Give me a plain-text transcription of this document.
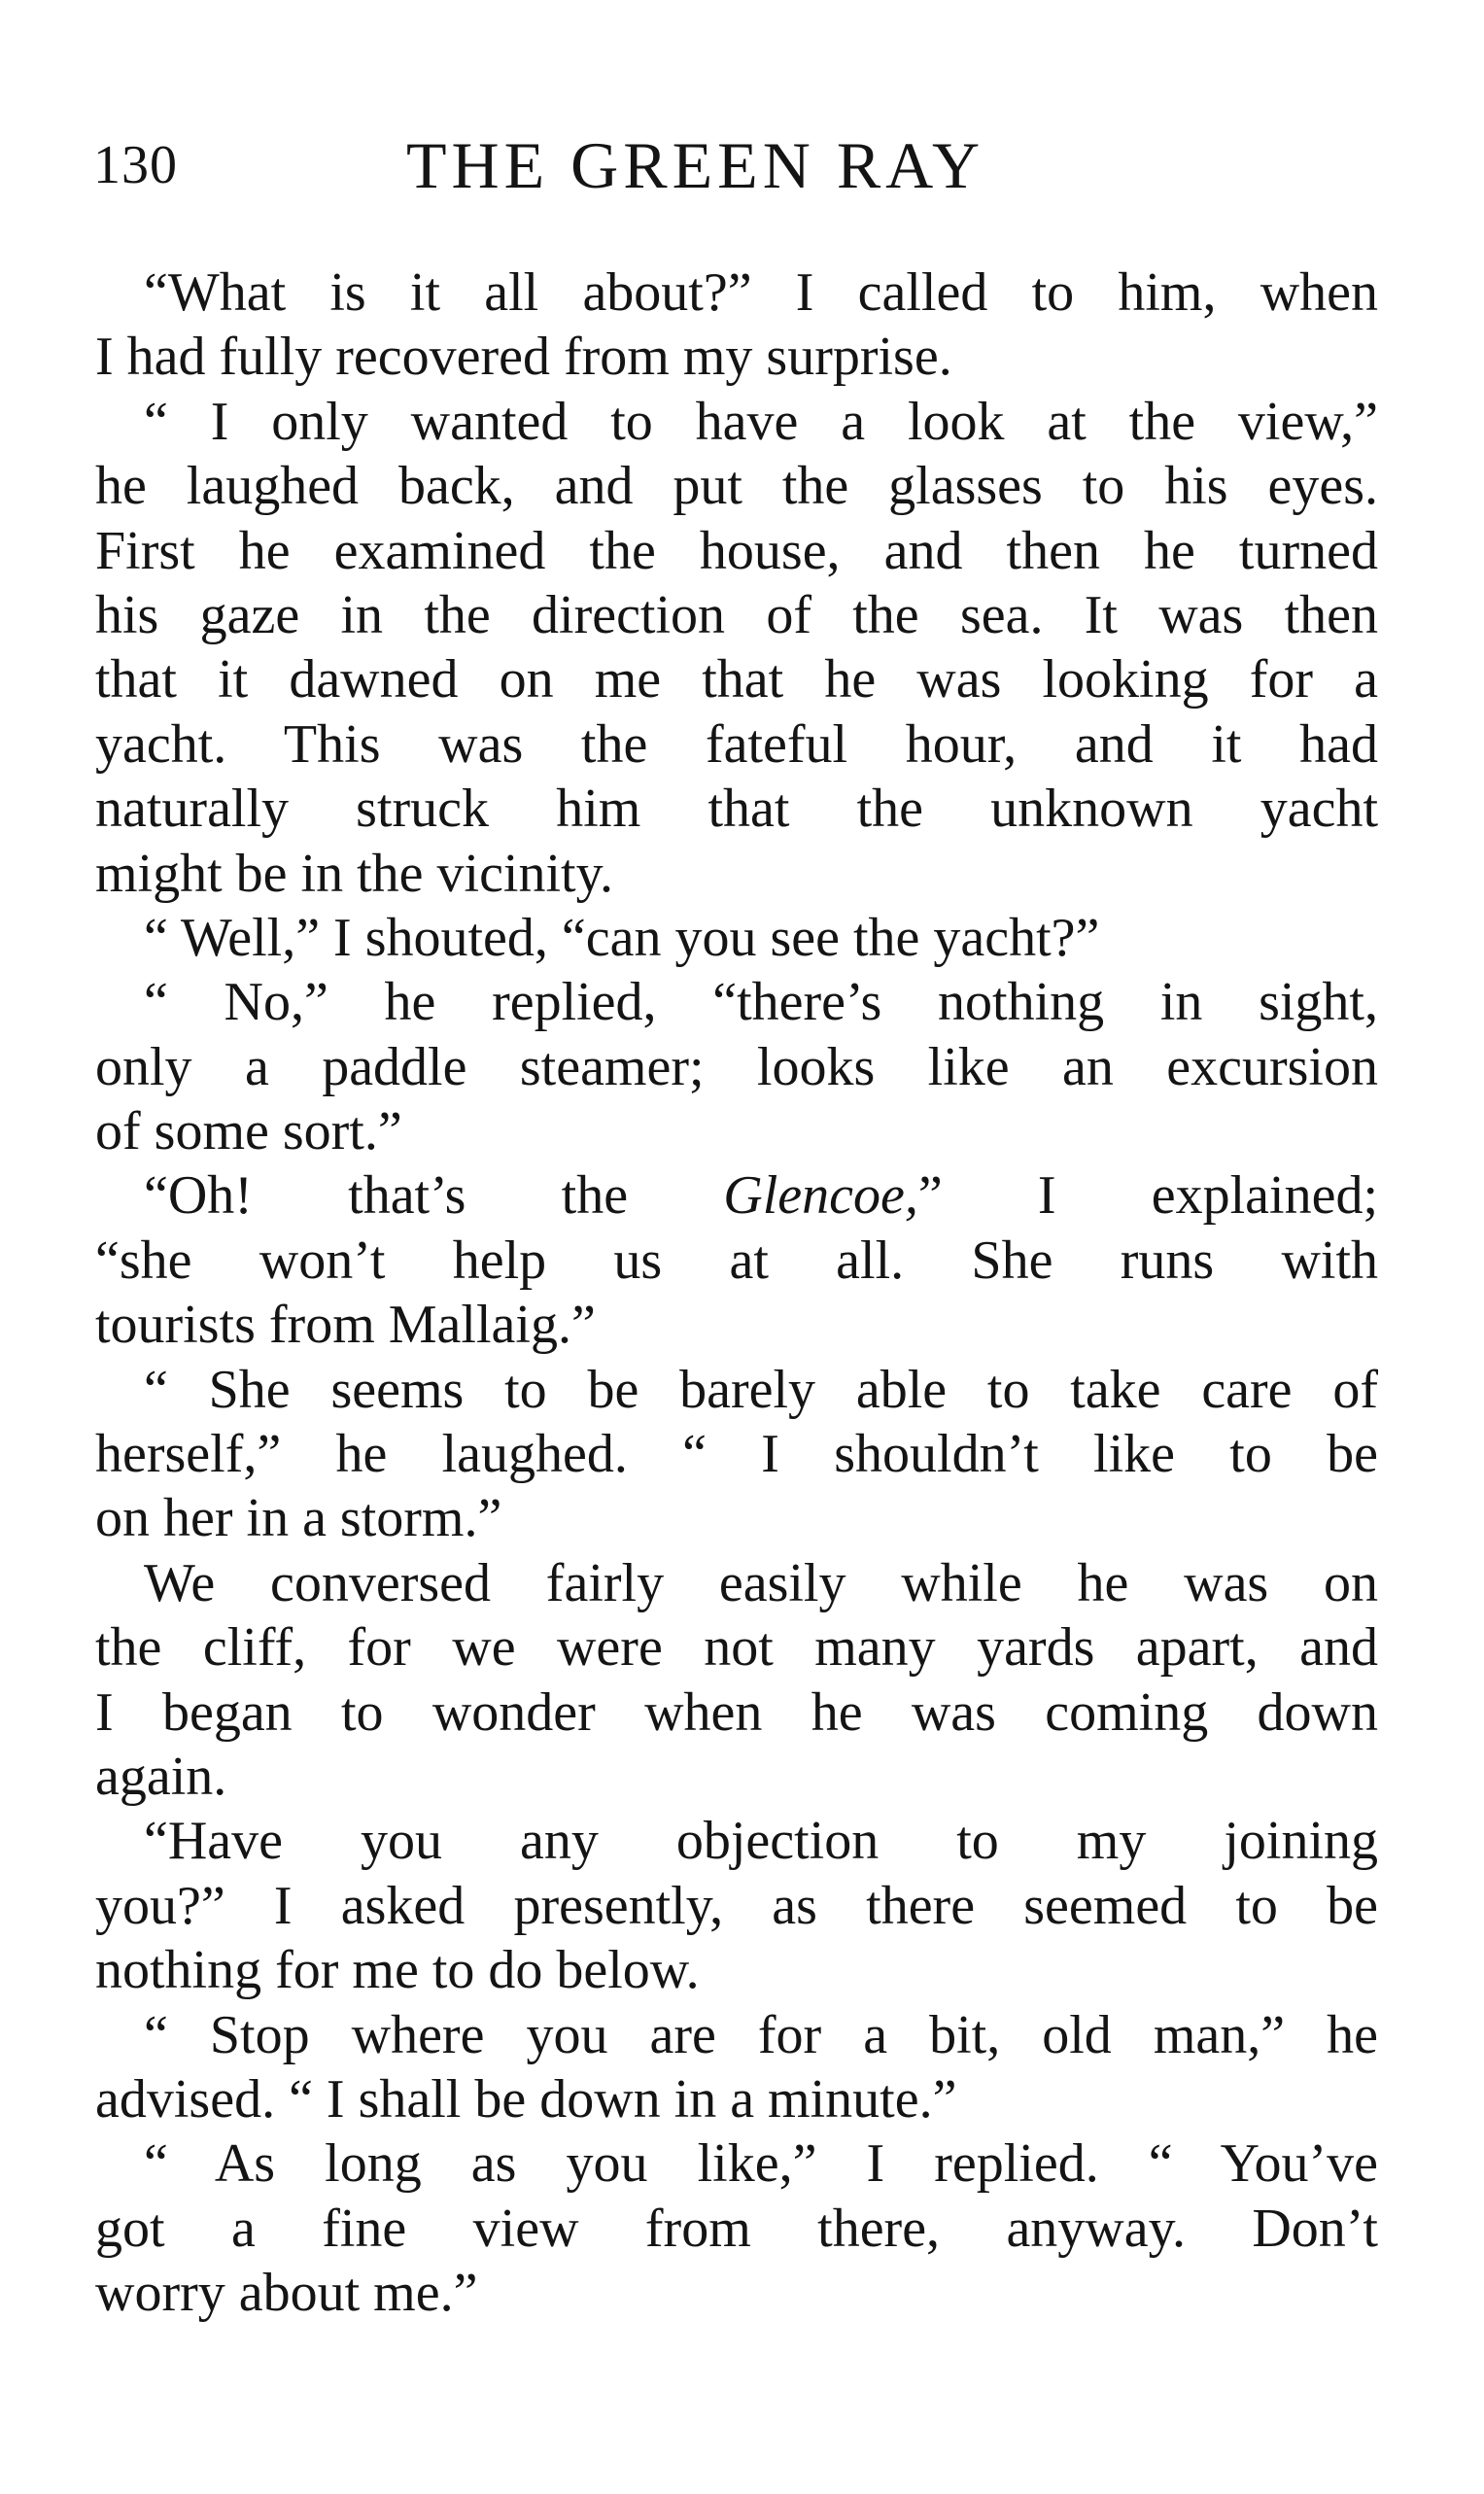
130	THE GREEN RAY
“What is it all about?” I called to him, when
I had fully recovered from my surprise.
“ I only wanted to have a look at the view,”
he laughed back, and put the glasses to his eyes.
First he examined the house, and then he turned
his gaze in the direction of the sea. It was then
that it dawned on me that he was looking for a
yacht. This was the fateful hour, and it had
naturally struck him that the unknown yacht
might be in the vicinity.
“ Well,” I shouted, “can you see the yacht?”
“ No,” he replied, “there’s nothing in sight,
only a paddle steamer; looks like an excursion
of some sort.”
“Oh! that’s the Glencoe,” I explained;
“she won’t help us at all. She runs with
tourists from Mallaig.”
“ She seems to be barely able to take care of
herself,” he laughed. “ I shouldn’t like to be
on her in a storm.”
We conversed fairly easily while he was on
the cliff, for we were not many yards apart, and
I began to wonder when he was coming down
again.
“Have you any objection to my joining
you?” I asked presently, as there seemed to be
nothing for me to do below.
“ Stop where you are for a bit, old man,” he
advised. “ I shall be down in a minute.”
“ As long as you like,” I replied. “ You’ve
got a fine view from there, anyway. Don’t
worry about me.”
